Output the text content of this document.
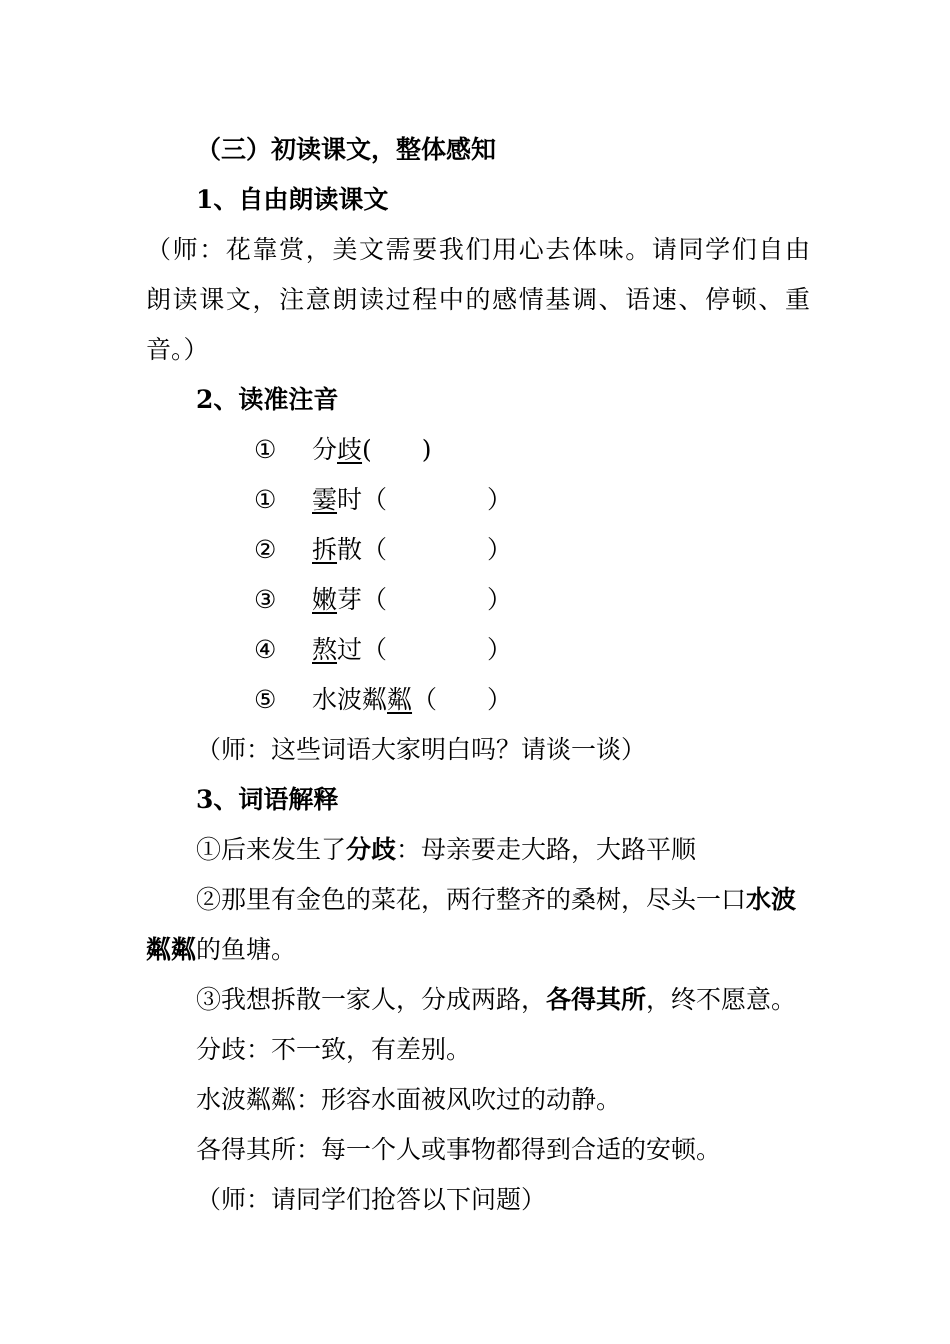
（三）初读课文，整体感知
1、自由朗读课文
（师：花靠赏，美文需要我们用心去体味。请同学们自由
朗读课文，注意朗读过程中的感情基调、语速、停顿、重
音。）
2、读准注音
① 分歧(　　)
① 霎时（　　　　）
② 拆散（　　　　）
③ 嫩芽（　　　　）
④ 熬过（　　　　）
⑤ 水波粼粼（　　）
（师：这些词语大家明白吗？请谈一谈）
3、词语解释
①后来发生了分歧：母亲要走大路，大路平顺
②那里有金色的菜花，两行整齐的桑树，尽头一口水波
粼粼的鱼塘。
③我想拆散一家人，分成两路，各得其所，终不愿意。
分歧：不一致，有差别。
水波粼粼：形容水面被风吹过的动静。
各得其所：每一个人或事物都得到合适的安顿。
（师：请同学们抢答以下问题）
